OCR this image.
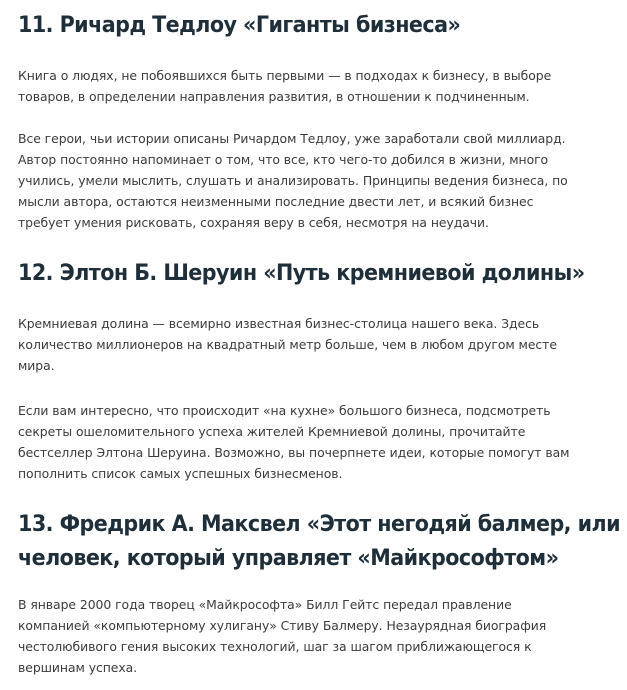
11. Ричард Тедлоу «Гиганты бизнеса»

Книга о людях, не побоявшихся быть первыми — в подходах к бизнесу, в выборе
товаров, в определении направления развития, в отношении к подчиненным.

Все герои, чьи истории описаны Ричардом Тедлоу, уже заработали свой миллиард.
Автор постоянно напоминает о том, что все, кто чего-то добился в жизни, много
учились, умели мыслить, слушать и анализировать. Принципы ведения бизнеса, по
мысли автора, остаются неизменными последние двести лет, и всякий бизнес
требует умения рисковать, сохраняя веру в себя, несмотря на неудачи.

12. Элтон Б. Шеруин «Путь кремниевой долины»

Кремниевая долина — всемирно известная бизнес-столица нашего века. Здесь
количество миллионеров на квадратный метр больше, чем в любом другом месте
мира.

Если вам интересно, что происходит «на кухне» большого бизнеса, подсмотреть
секреты ошеломительного успеха жителей Кремниевой долины, прочитайте
бестселлер Элтона Шеруина. Возможно, вы почерпнете идеи, которые помогут вам
пополнить список самых успешных бизнесменов.

13. Фредрик А. Максвел «Этот негодяй балмер, или
человек, который управляет «Майкрософтом»

В январе 2000 года творец «Майкрософта» Билл Гейтс передал правление
компанией «компьютерному хулигану» Стиву Балмеру. Незаурядная биография
честолюбивого гения высоких технологий, шаг за шагом приближающегося к
вершинам успеха.
